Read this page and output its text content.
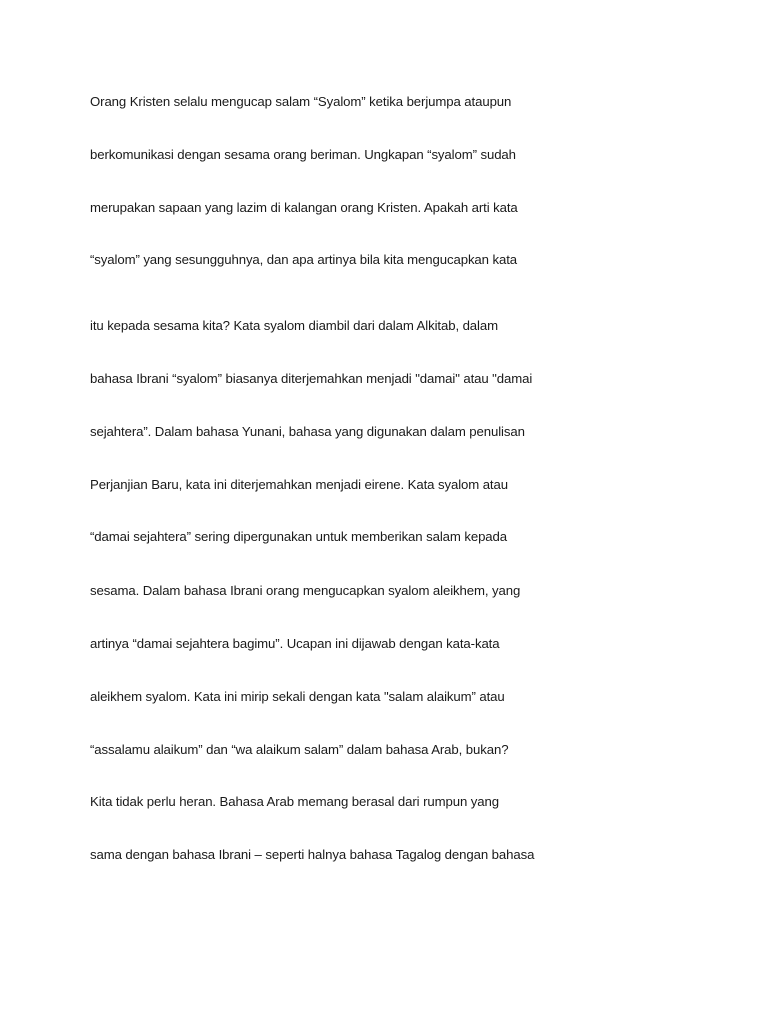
Orang Kristen selalu mengucap salam “Syalom” ketika berjumpa ataupun

berkomunikasi dengan sesama orang beriman. Ungkapan “syalom” sudah

merupakan sapaan yang lazim di kalangan orang Kristen. Apakah arti kata

“syalom” yang sesungguhnya, dan apa artinya bila kita mengucapkan kata

itu kepada sesama kita? Kata syalom diambil dari dalam Alkitab, dalam

bahasa Ibrani “syalom” biasanya diterjemahkan menjadi "damai" atau "damai

sejahtera”. Dalam bahasa Yunani, bahasa yang digunakan dalam penulisan

Perjanjian Baru, kata ini diterjemahkan menjadi eirene. Kata syalom atau

“damai sejahtera” sering dipergunakan untuk memberikan salam kepada

sesama. Dalam bahasa Ibrani orang mengucapkan syalom aleikhem, yang

artinya “damai sejahtera bagimu”. Ucapan ini dijawab dengan kata-kata

aleikhem syalom. Kata ini mirip sekali dengan kata "salam alaikum” atau

“assalamu alaikum” dan “wa alaikum salam” dalam bahasa Arab, bukan?

Kita tidak perlu heran. Bahasa Arab memang berasal dari rumpun yang

sama dengan bahasa Ibrani – seperti halnya bahasa Tagalog dengan bahasa
